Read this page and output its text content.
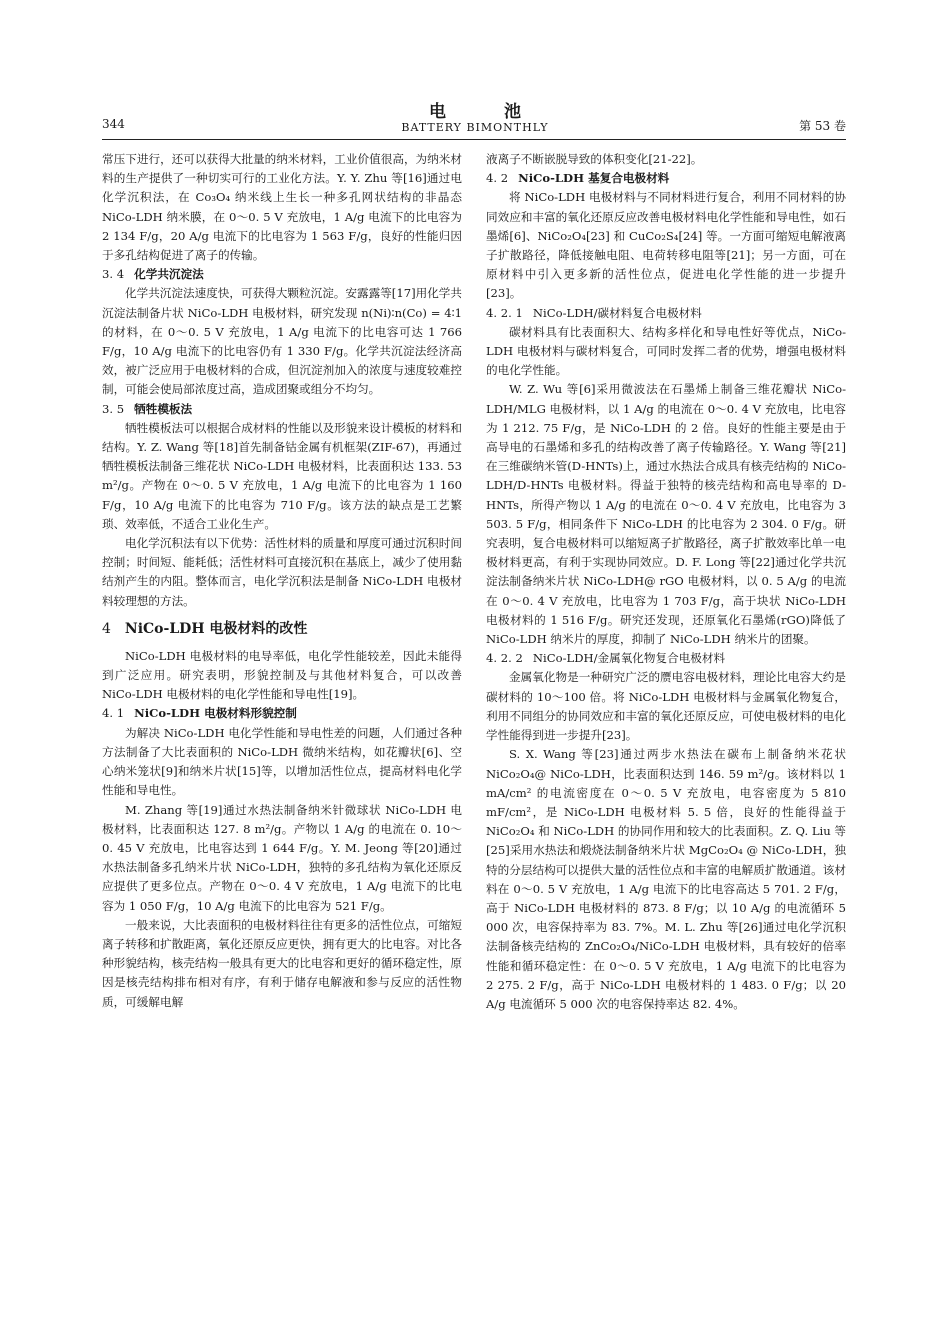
344
电池
BATTERY BIMONTHLY	第 53 卷

常压下进行，还可以获得大批量的纳米材料，工业价值很高，为纳米材料的生产提供了一种切实可行的工业化方法。Y. Y. Zhu 等[16]通过电化学沉积法，在 Co₃O₄ 纳米线上生长一种多孔网状结构的非晶态 NiCo-LDH 纳米膜，在 0～0. 5 V 充放电，1 A/g 电流下的比电容为 2 134 F/g，20 A/g 电流下的比电容为 1 563 F/g，良好的性能归因于多孔结构促进了离子的传输。

3. 4 化学共沉淀法

化学共沉淀法速度快，可获得大颗粒沉淀。安露露等[17]用化学共沉淀法制备片状 NiCo-LDH 电极材料，研究发现 n(Ni)∶n(Co) = 4∶1的材料，在 0～0. 5 V 充放电，1 A/g 电流下的比电容可达 1 766 F/g，10 A/g 电流下的比电容仍有 1 330 F/g。化学共沉淀法经济高效，被广泛应用于电极材料的合成，但沉淀剂加入的浓度与速度较难控制，可能会使局部浓度过高，造成团聚或组分不均匀。

3. 5 牺牲模板法

牺牲模板法可以根据合成材料的性能以及形貌来设计模板的材料和结构。Y. Z. Wang 等[18]首先制备钴金属有机框架(ZIF-67)，再通过牺牲模板法制备三维花状 NiCo-LDH 电极材料，比表面积达 133. 53 m²/g。产物在 0～0. 5 V 充放电，1 A/g 电流下的比电容为 1 160 F/g，10 A/g 电流下的比电容为 710 F/g。该方法的缺点是工艺繁琐、效率低，不适合工业化生产。

电化学沉积法有以下优势：活性材料的质量和厚度可通过沉积时间控制；时间短、能耗低；活性材料可直接沉积在基底上，减少了使用黏结剂产生的内阻。整体而言，电化学沉积法是制备 NiCo-LDH 电极材料较理想的方法。

4 NiCo-LDH 电极材料的改性

NiCo-LDH 电极材料的电导率低，电化学性能较差，因此未能得到广泛应用。研究表明，形貌控制及与其他材料复合，可以改善 NiCo-LDH 电极材料的电化学性能和导电性[19]。

4. 1 NiCo-LDH 电极材料形貌控制

为解决 NiCo-LDH 电化学性能和导电性差的问题，人们通过各种方法制备了大比表面积的 NiCo-LDH 微纳米结构，如花瓣状[6]、空心纳米笼状[9]和纳米片状[15]等，以增加活性位点，提高材料电化学性能和导电性。

M. Zhang 等[19]通过水热法制备纳米针微球状 NiCo-LDH 电极材料，比表面积达 127. 8 m²/g。产物以 1 A/g 的电流在 0. 10～0. 45 V 充放电，比电容达到 1 644 F/g。Y. M. Jeong 等[20]通过水热法制备多孔纳米片状 NiCo-LDH，独特的多孔结构为氧化还原反应提供了更多位点。产物在 0～0. 4 V 充放电，1 A/g 电流下的比电容为 1 050 F/g，10 A/g 电流下的比电容为 521 F/g。

一般来说，大比表面积的电极材料往往有更多的活性位点，可缩短离子转移和扩散距离，氧化还原反应更快，拥有更大的比电容。对比各种形貌结构，核壳结构一般具有更大的比电容和更好的循环稳定性，原因是核壳结构排布相对有序，有利于储存电解液和参与反应的活性物质，可缓解电解

液离子不断嵌脱导致的体积变化[21-22]。

4. 2 NiCo-LDH 基复合电极材料

将 NiCo-LDH 电极材料与不同材料进行复合，利用不同材料的协同效应和丰富的氧化还原反应改善电极材料电化学性能和导电性，如石墨烯[6]、NiCo₂O₄[23] 和 CuCo₂S₄[24] 等。一方面可缩短电解液离子扩散路径，降低接触电阻、电荷转移电阻等[21]；另一方面，可在原材料中引入更多新的活性位点，促进电化学性能的进一步提升[23]。

4. 2. 1 NiCo-LDH/碳材料复合电极材料

碳材料具有比表面积大、结构多样化和导电性好等优点，NiCo-LDH 电极材料与碳材料复合，可同时发挥二者的优势，增强电极材料的电化学性能。

W. Z. Wu 等[6]采用微波法在石墨烯上制备三维花瓣状 NiCo-LDH/MLG 电极材料，以 1 A/g 的电流在 0～0. 4 V 充放电，比电容为 1 212. 75 F/g，是 NiCo-LDH 的 2 倍。良好的性能主要是由于高导电的石墨烯和多孔的结构改善了离子传输路径。Y. Wang 等[21]在三维碳纳米管(D-HNTs)上，通过水热法合成具有核壳结构的 NiCo-LDH/D-HNTs 电极材料。得益于独特的核壳结构和高电导率的 D-HNTs，所得产物以 1 A/g 的电流在 0～0. 4 V 充放电，比电容为 3 503. 5 F/g，相同条件下 NiCo-LDH 的比电容为 2 304. 0 F/g。研究表明，复合电极材料可以缩短离子扩散路径，离子扩散效率比单一电极材料更高，有利于实现协同效应。D. F. Long 等[22]通过化学共沉淀法制备纳米片状 NiCo-LDH@ rGO 电极材料，以 0. 5 A/g 的电流在 0～0. 4 V 充放电，比电容为 1 703 F/g，高于块状 NiCo-LDH 电极材料的 1 516 F/g。研究还发现，还原氧化石墨烯(rGO)降低了 NiCo-LDH 纳米片的厚度，抑制了 NiCo-LDH 纳米片的团聚。

4. 2. 2 NiCo-LDH/金属氧化物复合电极材料

金属氧化物是一种研究广泛的赝电容电极材料，理论比电容大约是碳材料的 10～100 倍。将 NiCo-LDH 电极材料与金属氧化物复合，利用不同组分的协同效应和丰富的氧化还原反应，可使电极材料的电化学性能得到进一步提升[23]。

S. X. Wang 等[23]通过两步水热法在碳布上制备纳米花状 NiCo₂O₄@ NiCo-LDH，比表面积达到 146. 59 m²/g。该材料以 1 mA/cm² 的电流密度在 0～0. 5 V 充放电，电容密度为 5 810 mF/cm²，是 NiCo-LDH 电极材料 5. 5 倍，良好的性能得益于 NiCo₂O₄ 和 NiCo-LDH 的协同作用和较大的比表面积。Z. Q. Liu 等[25]采用水热法和煅烧法制备纳米片状 MgCo₂O₄ @ NiCo-LDH，独特的分层结构可以提供大量的活性位点和丰富的电解质扩散通道。该材料在 0～0. 5 V 充放电，1 A/g 电流下的比电容高达 5 701. 2 F/g，高于 NiCo-LDH 电极材料的 873. 8 F/g；以 10 A/g 的电流循环 5 000 次，电容保持率为 83. 7%。M. L. Zhu 等[26]通过电化学沉积法制备核壳结构的 ZnCo₂O₄/NiCo-LDH 电极材料，具有较好的倍率性能和循环稳定性：在 0～0. 5 V 充放电，1 A/g 电流下的比电容为 2 275. 2 F/g，高于 NiCo-LDH 电极材料的 1 483. 0 F/g；以 20 A/g 电流循环 5 000 次的电容保持率达 82. 4%。
